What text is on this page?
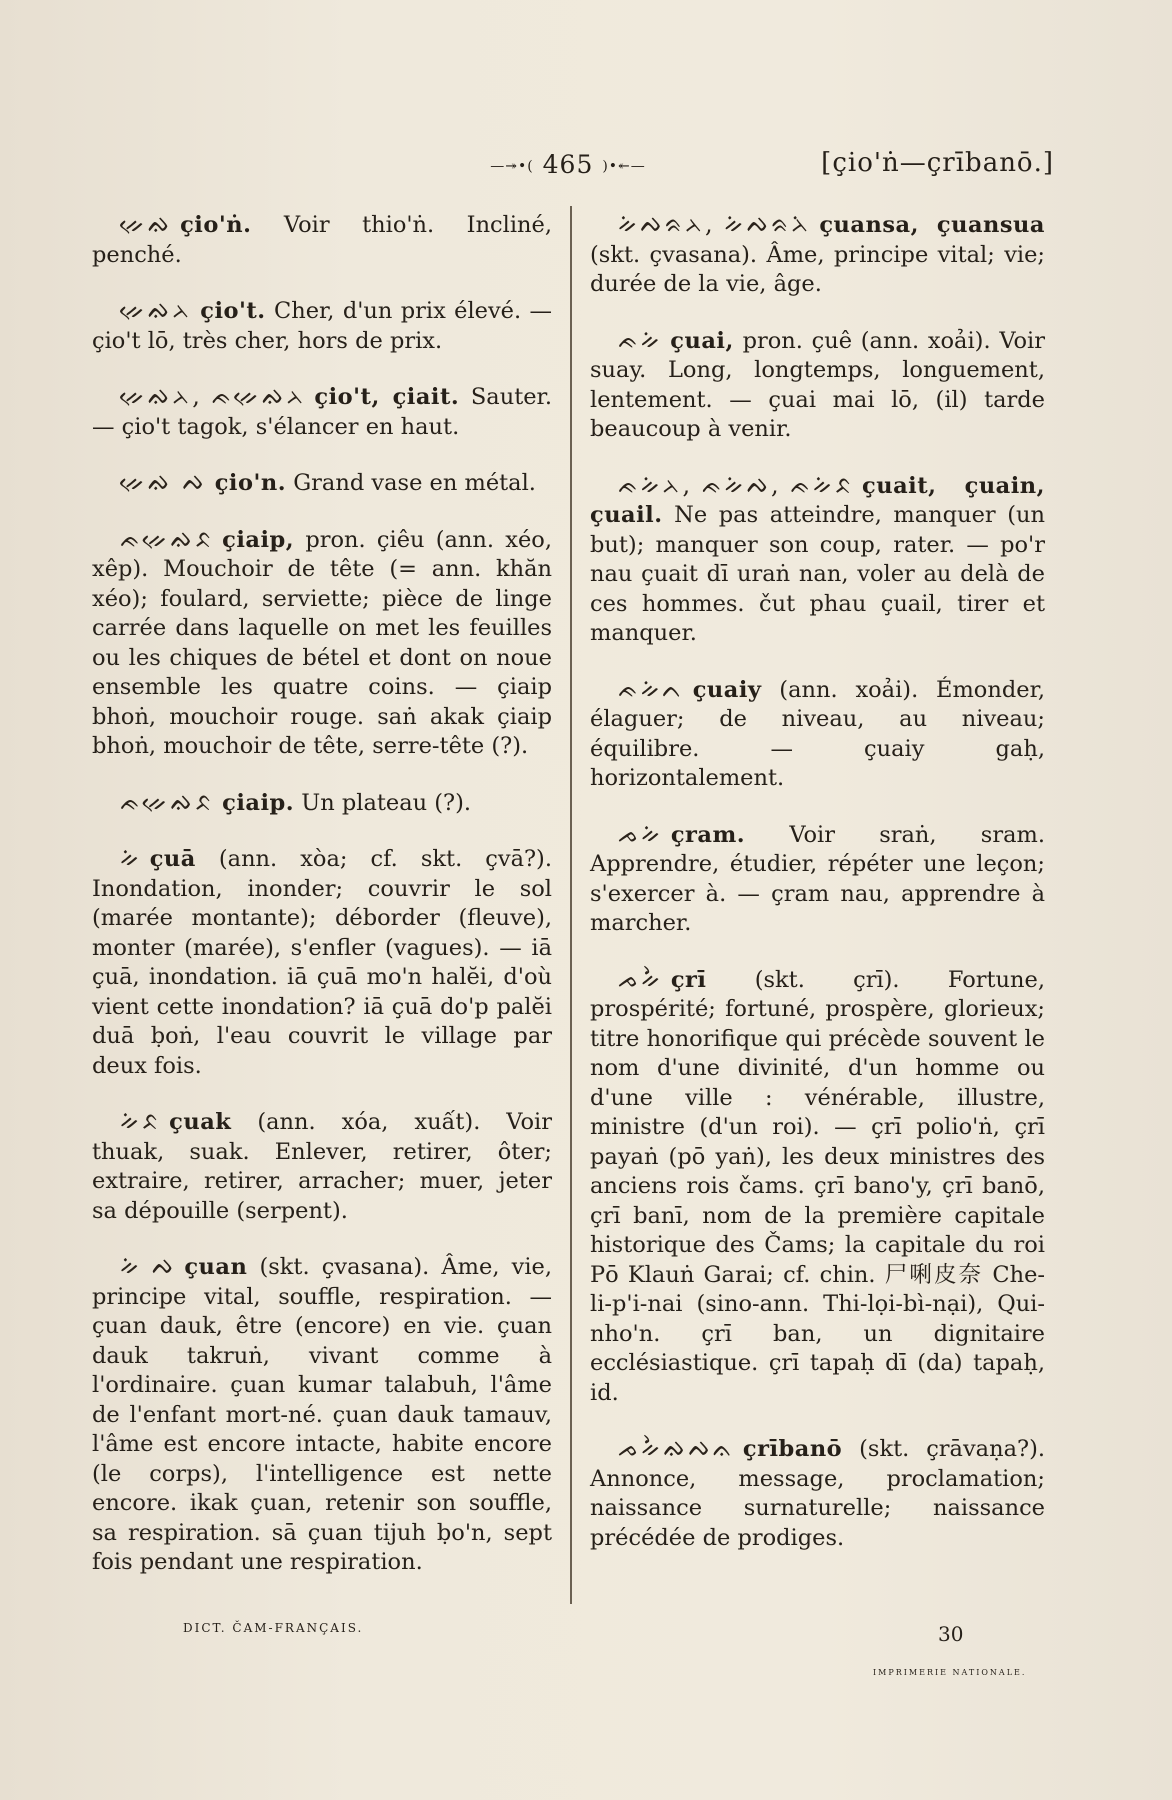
—↠•( 465 )•↞—	[çio'ṅ—çrībanō.]

ᨀᨙᨁ çio'ṅ. Voir thio'ṅ. Incliné, penché.

ᨀᨙᨁᨂ çio't. Cher, d'un prix élevé. — çio't lō, très cher, hors de prix.

ᨀᨙᨁᨂ, ᨃᨀᨙᨁᨂ çio't, çiait. Sauter. — çio't tagok, s'élancer en haut.

ᨀᨙᨁ ᨄ çio'n. Grand vase en métal.

ᨃᨀᨙᨁᨅ çiaip, pron. çiêu (ann. xéo, xêp). Mouchoir de tête (= ann. khăn xéo); foulard, serviette; pièce de linge carrée dans laquelle on met les feuilles ou les chiques de bétel et dont on noue ensemble les quatre coins. — çiaip bhoṅ, mouchoir rouge. saṅ akak çiaip bhoṅ, mouchoir de tête, serre-tête (?).

ᨃᨀᨙᨁᨅ çiaip. Un plateau (?).

ᨀᨗ çuā (ann. xòa; cf. skt. çvā?). Inondation, inonder; couvrir le sol (marée montante); déborder (fleuve), monter (marée), s'enfler (vagues). — iā çuā, inondation. iā çuā mo'n halĕi, d'où vient cette inondation? iā çuā do'p palĕi duā ḅoṅ, l'eau couvrit le village par deux fois.

ᨀᨗᨅ çuak (ann. xóa, xuất). Voir thuak, suak. Enlever, retirer, ôter; extraire, retirer, arracher; muer, jeter sa dépouille (serpent).

ᨀᨗ ᨄ çuan (skt. çvasana). Âme, vie, principe vital, souffle, respiration. — çuan dauk, être (encore) en vie. çuan dauk takruṅ, vivant comme à l'ordinaire. çuan kumar talabuh, l'âme de l'enfant mort-né. çuan dauk tamauv, l'âme est encore intacte, habite encore (le corps), l'intelligence est nette encore. ikak çuan, retenir son souffle, sa respiration. sā çuan tijuh ḅo'n, sept fois pendant une respiration.

ᨀᨗᨄᨑᨂ, ᨀᨗᨄᨑᨂᨗ çuansa, çuansua (skt. çvasana). Âme, principe vital; vie; durée de la vie, âge.

ᨃᨀᨗ çuai, pron. çuê (ann. xoải). Voir suay. Long, longtemps, longuement, lentement. — çuai mai lō, (il) tarde beaucoup à venir.

ᨃᨀᨗᨂ, ᨃᨀᨗᨄ, ᨃᨀᨗᨅ çuait, çuain, çuail. Ne pas atteindre, manquer (un but); manquer son coup, rater. — po'r nau çuait dī uraṅ nan, voler au delà de ces hommes. čut phau çuail, tirer et manquer.

ᨃᨀᨗᨈ çuaiy (ann. xoải). Émonder, élaguer; de niveau, au niveau; équilibre. — çuaiy gaḥ, horizontalement.

ᨍᨀᨗ çram. Voir sraṅ, sram. Apprendre, étudier, répéter une leçon; s'exercer à. — çram nau, apprendre à marcher.

ᨍᨀᨗᨛ çrī (skt. çrī). Fortune, prospérité; fortuné, prospère, glorieux; titre honorifique qui précède souvent le nom d'une divinité, d'un homme ou d'une ville : vénérable, illustre, ministre (d'un roi). — çrī polio'ṅ, çrī payaṅ (pō yaṅ), les deux ministres des anciens rois čams. çrī bano'y, çrī banō, çrī banī, nom de la première capitale historique des Čams; la capitale du roi Pō Klauṅ Garai; cf. chin. 尸唎皮奈 Che-li-p'i-nai (sino-ann. Thi-lọi-bì-nại), Qui-nho'n. çrī ban, un dignitaire ecclésiastique. çrī tapaḥ dī (da) tapaḥ, id.

ᨍᨀᨗᨛᨁᨄᨊ çrībanō (skt. çrāvaṇa?). Annonce, message, proclamation; naissance surnaturelle; naissance précédée de prodiges.

DICT. ČAM-FRANÇAIS.	30
IMPRIMERIE NATIONALE.
